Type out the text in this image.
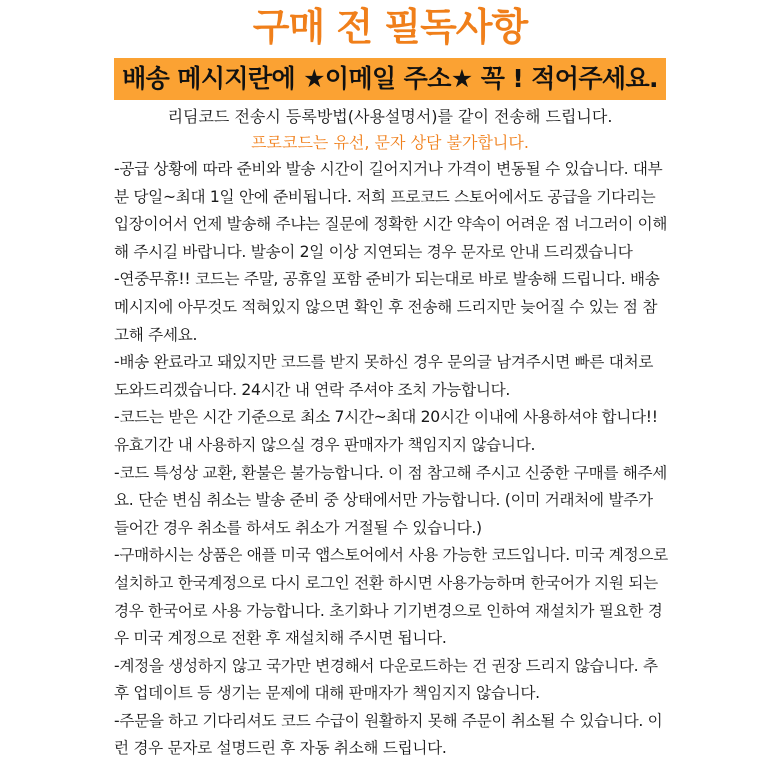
구매 전 필독사항
배송 메시지란에 ★이메일 주소★ 꼭 ! 적어주세요.
리딤코드 전송시 등록방법(사용설명서)를 같이 전송해 드립니다.
프로코드는 유선, 문자 상담 불가합니다.

-공급 상황에 따라 준비와 발송 시간이 길어지거나 가격이 변동될 수 있습니다. 대부분 당일~최대 1일 안에 준비됩니다. 저희 프로코드 스토어에서도 공급을 기다리는 입장이어서 언제 발송해 주냐는 질문에 정확한 시간 약속이 어려운 점 너그러이 이해해 주시길 바랍니다. 발송이 2일 이상 지연되는 경우 문자로 안내 드리겠습니다

-연중무휴!! 코드는 주말, 공휴일 포함 준비가 되는대로 바로 발송해 드립니다. 배송 메시지에 아무것도 적혀있지 않으면 확인 후 전송해 드리지만 늦어질 수 있는 점 참고해 주세요.

-배송 완료라고 돼있지만 코드를 받지 못하신 경우 문의글 남겨주시면 빠른 대처로 도와드리겠습니다. 24시간 내 연락 주셔야 조치 가능합니다.

-코드는 받은 시간 기준으로 최소 7시간~최대 20시간 이내에 사용하셔야 합니다!! 유효기간 내 사용하지 않으실 경우 판매자가 책임지지 않습니다.

-코드 특성상 교환, 환불은 불가능합니다. 이 점 참고해 주시고 신중한 구매를 해주세요. 단순 변심 취소는 발송 준비 중 상태에서만 가능합니다. (이미 거래처에 발주가 들어간 경우 취소를 하셔도 취소가 거절될 수 있습니다.)

-구매하시는 상품은 애플 미국 앱스토어에서 사용 가능한 코드입니다. 미국 계정으로 설치하고 한국계정으로 다시 로그인 전환 하시면 사용가능하며 한국어가 지원 되는 경우 한국어로 사용 가능합니다. 초기화나 기기변경으로 인하여 재설치가 필요한 경우 미국 계정으로 전환 후 재설치해 주시면 됩니다.

-계정을 생성하지 않고 국가만 변경해서 다운로드하는 건 권장 드리지 않습니다. 추후 업데이트 등 생기는 문제에 대해 판매자가 책임지지 않습니다.

-주문을 하고 기다리셔도 코드 수급이 원활하지 못해 주문이 취소될 수 있습니다. 이런 경우 문자로 설명드린 후 자동 취소해 드립니다.
